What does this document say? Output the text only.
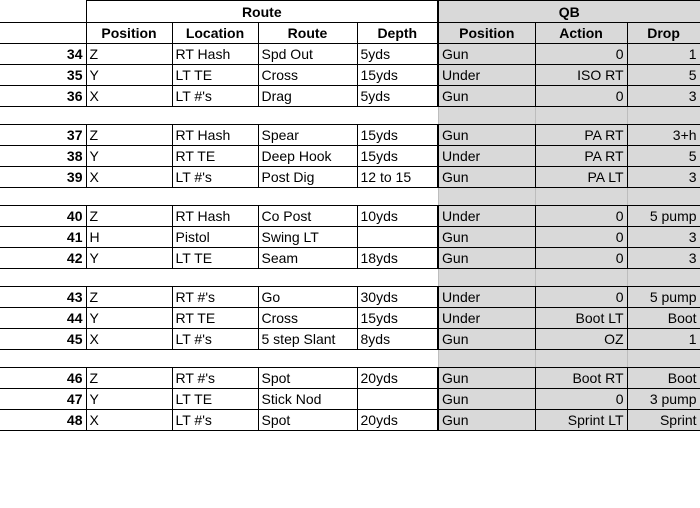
	Route				QB		
	Position	Location	Route	Depth	Position	Action	Drop
34	Z	RT Hash	Spd Out	5yds	Gun	0	1
35	Y	LT TE	Cross	15yds	Under	ISO RT	5
36	X	LT #'s	Drag	5yds	Gun	0	3

37	Z	RT Hash	Spear	15yds	Gun	PA RT	3+h
38	Y	RT TE	Deep Hook	15yds	Under	PA RT	5
39	X	LT #'s	Post Dig	12 to 15	Gun	PA LT	3

40	Z	RT Hash	Co Post	10yds	Under	0	5 pump
41	H	Pistol	Swing LT		Gun	0	3
42	Y	LT TE	Seam	18yds	Gun	0	3

43	Z	RT #'s	Go	30yds	Under	0	5 pump
44	Y	RT TE	Cross	15yds	Under	Boot LT	Boot
45	X	LT #'s	5 step Slant	8yds	Gun	OZ	1

46	Z	RT #'s	Spot	20yds	Gun	Boot RT	Boot
47	Y	LT TE	Stick Nod		Gun	0	3 pump
48	X	LT #'s	Spot	20yds	Gun	Sprint LT	Sprint
